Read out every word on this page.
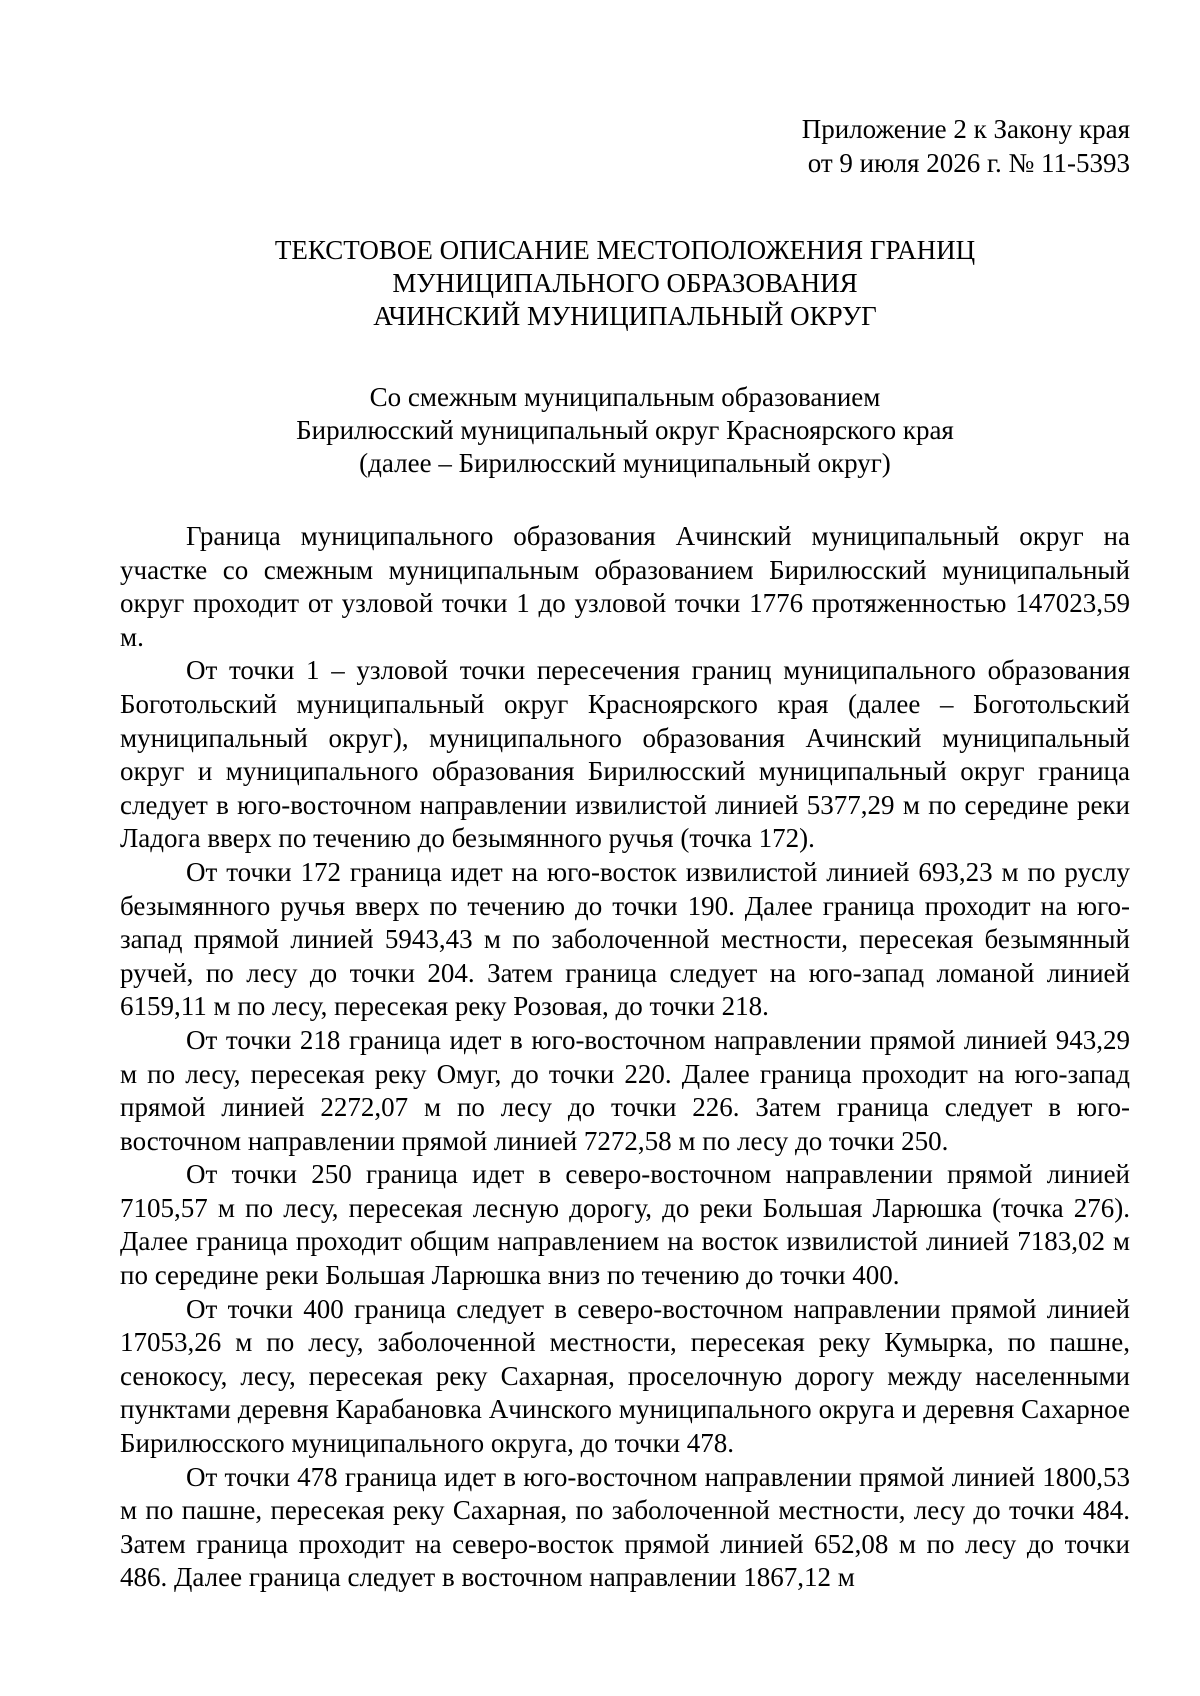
Приложение 2 к Закону края
от 9 июля 2026 г. № 11-5393
ТЕКСТОВОЕ ОПИСАНИЕ МЕСТОПОЛОЖЕНИЯ ГРАНИЦ
МУНИЦИПАЛЬНОГО ОБРАЗОВАНИЯ
АЧИНСКИЙ МУНИЦИПАЛЬНЫЙ ОКРУГ
Со смежным муниципальным образованием
Бирилюсский муниципальный округ Красноярского края
(далее – Бирилюсский муниципальный округ)

Граница муниципального образования Ачинский муниципальный округ на участке со смежным муниципальным образованием Бирилюсский муниципальный округ проходит от узловой точки 1 до узловой точки 1776 протяженностью 147023,59 м.

От точки 1 – узловой точки пересечения границ муниципального образования Боготольский муниципальный округ Красноярского края (далее – Боготольский муниципальный округ), муниципального образования Ачинский муниципальный округ и муниципального образования Бирилюсский муниципальный округ граница следует в юго-восточном направлении извилистой линией 5377,29 м по середине реки Ладога вверх по течению до безымянного ручья (точка 172).

От точки 172 граница идет на юго-восток извилистой линией 693,23 м по руслу безымянного ручья вверх по течению до точки 190. Далее граница проходит на юго-запад прямой линией 5943,43 м по заболоченной местности, пересекая безымянный ручей, по лесу до точки 204. Затем граница следует на юго-запад ломаной линией 6159,11 м по лесу, пересекая реку Розовая, до точки 218.

От точки 218 граница идет в юго-восточном направлении прямой линией 943,29 м по лесу, пересекая реку Омуг, до точки 220. Далее граница проходит на юго-запад прямой линией 2272,07 м по лесу до точки 226. Затем граница следует в юго-восточном направлении прямой линией 7272,58 м по лесу до точки 250.

От точки 250 граница идет в северо-восточном направлении прямой линией 7105,57 м по лесу, пересекая лесную дорогу, до реки Большая Ларюшка (точка 276). Далее граница проходит общим направлением на восток извилистой линией 7183,02 м по середине реки Большая Ларюшка вниз по течению до точки 400.

От точки 400 граница следует в северо-восточном направлении прямой линией 17053,26 м по лесу, заболоченной местности, пересекая реку Кумырка, по пашне, сенокосу, лесу, пересекая реку Сахарная, проселочную дорогу между населенными пунктами деревня Карабановка Ачинского муниципального округа и деревня Сахарное Бирилюсского муниципального округа, до точки 478.

От точки 478 граница идет в юго-восточном направлении прямой линией 1800,53 м по пашне, пересекая реку Сахарная, по заболоченной местности, лесу до точки 484. Затем граница проходит на северо-восток прямой линией 652,08 м по лесу до точки 486. Далее граница следует в восточном направлении 1867,12 м
